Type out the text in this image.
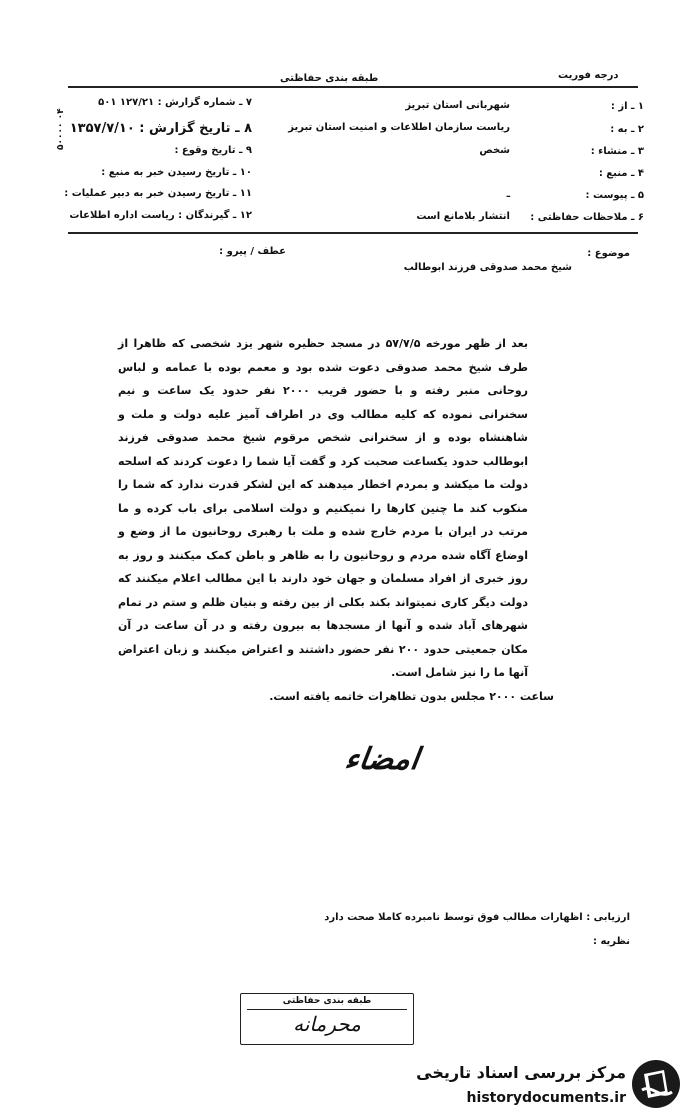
طبقه بندی حفاظتی	درجه فوریت
۵۰۰۰۰ ۰۴
۷ ـ شماره گزارش : ۱۲۷/۲۱ ۵۰۱
۸ ـ تاریخ گزارش : ۱۳۵۷/۷/۱۰
۹ ـ تاریخ وقوع :
۱۰ ـ تاریخ رسیدن خبر به منبع :
۱۱ ـ تاریخ رسیدن خبر به دبیر عملیات :
۱۲ ـ گیرندگان : ریاست اداره اطلاعات
۱ ـ از :
۲ ـ به :
۳ ـ منشاء :
۴ ـ منبع :
۵ ـ پیوست :
۶ ـ ملاحظات حفاظتی :
شهربانی استان تبریز
ریاست سازمان اطلاعات و امنیت استان تبریز
شخص
ـ
انتشار بلامانع است
عطف / پیرو :	موضوع :
شیخ محمد صدوقی فرزند ابوطالب

بعد از ظهر مورخه ۵۷/۷/۵ در مسجد حظیره شهر یزد شخصی که ظاهرا از طرف شیخ محمد صدوقی دعوت شده بود و معمم بوده با عمامه و لباس روحانی منبر رفته و با حضور قریب ۲۰۰۰ نفر حدود یک ساعت و نیم سخنرانی نموده که کلیه مطالب وی در اطراف آمیز علیه دولت و ملت و شاهنشاه بوده و از سخنرانی شخص مرقوم شیخ محمد صدوقی فرزند ابوطالب حدود یکساعت صحبت کرد و گفت آیا شما را دعوت کردند که اسلحه دولت ما میکشد و بمردم اخطار میدهند که این لشکر قدرت ندارد که شما را منکوب کند ما چنین کارها را نمیکنیم و دولت اسلامی برای باب کرده و ما مرتب در ایران با مردم خارج شده و ملت با رهبری روحانیون ما از وضع و اوضاع آگاه شده مردم و روحانیون را به ظاهر و باطن کمک میکنند و روز به روز خبری از افراد مسلمان و جهان خود دارند با این مطالب اعلام میکنند که دولت دیگر کاری نمیتواند بکند بکلی از بین رفته و بنیان ظلم و ستم در تمام شهرهای آباد شده و آنها از مسجدها به بیرون رفته و در آن ساعت در آن مکان جمعیتی حدود ۲۰۰ نفر حضور داشتند و اعتراض میکنند و زبان اعتراض آنها ما را نیز شامل است.

ساعت ۲۰۰۰ مجلس بدون تظاهرات خاتمه یافته است.
امضاء
ارزیابی : اظهارات مطالب فوق توسط نامبرده کاملا صحت دارد
نظریه :
طبقه بندی حفاظتی
محرمانه
مرکز بررسی اسناد تاریخی
historydocuments.ir
